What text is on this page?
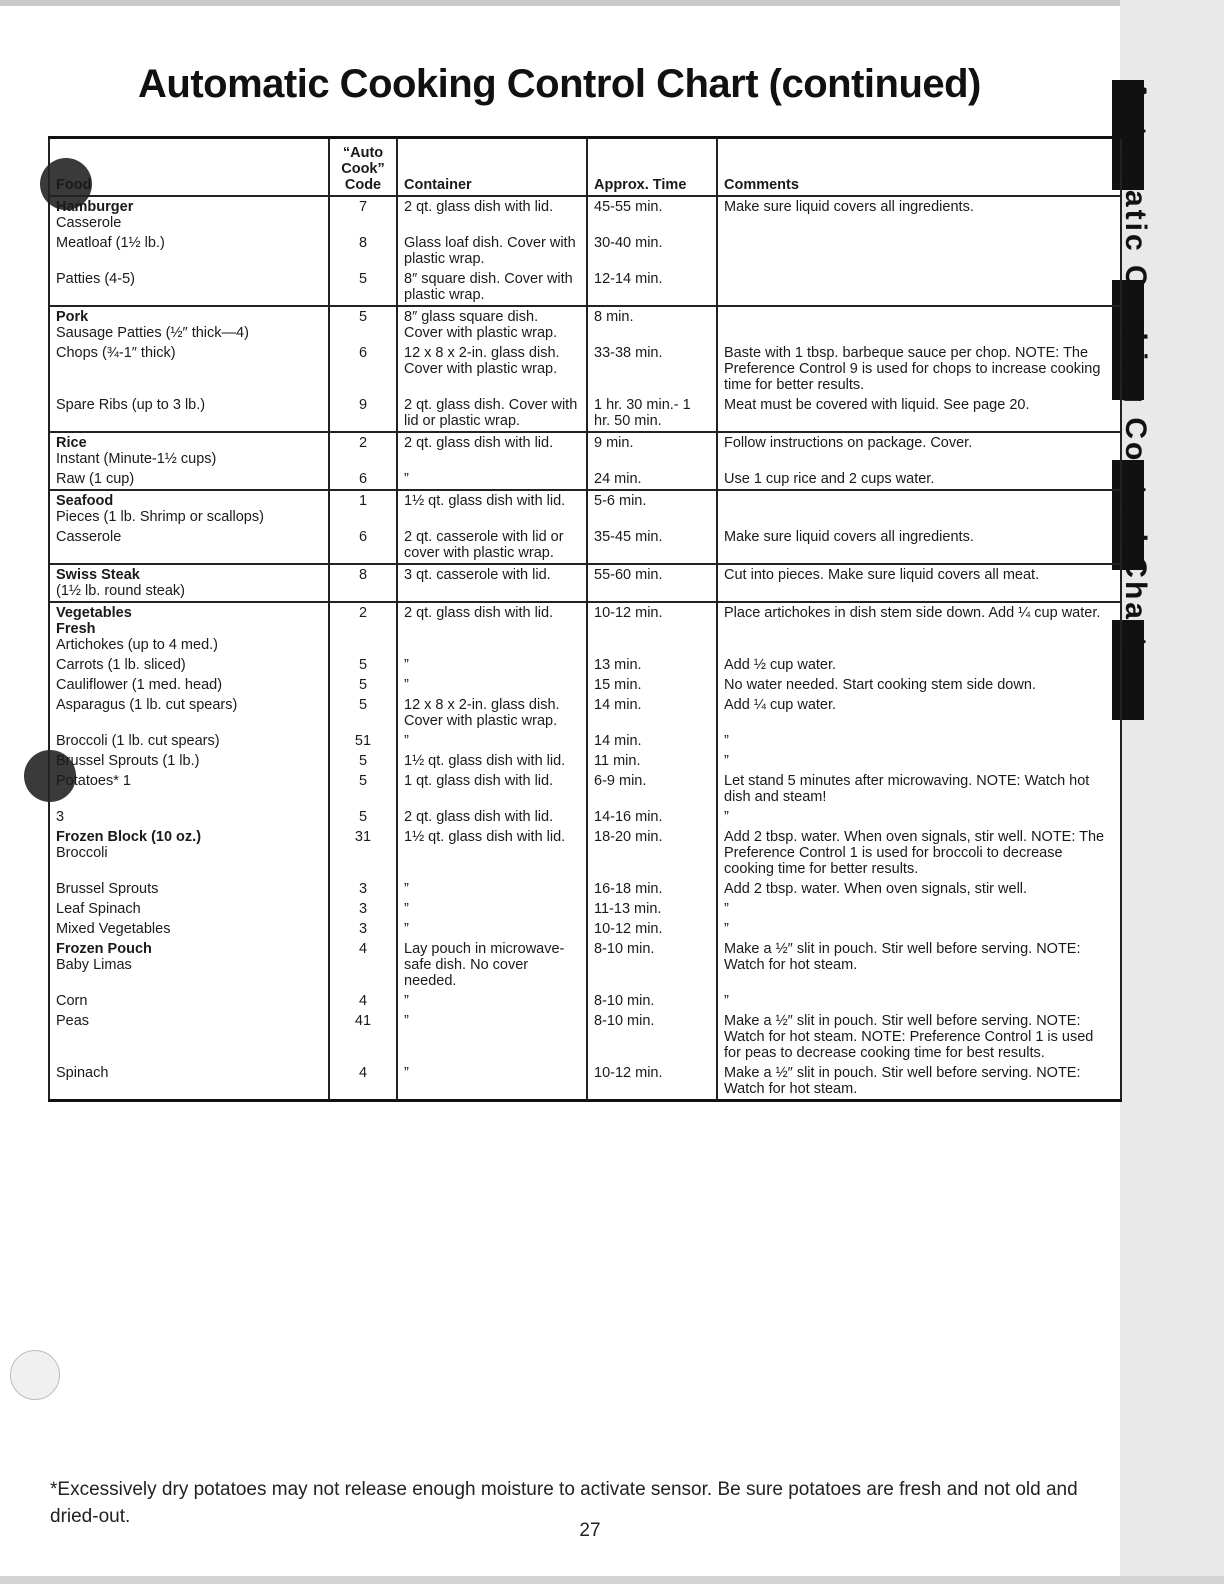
Automatic Cooking Control Chart
Automatic Cooking Control Chart (continued)
Food	“Auto Cook” Code	Container	Approx. Time	Comments

Hamburger
Casserole	7	2 qt. glass dish with lid.	45-55 min.	Make sure liquid covers all ingredients.
Meatloaf (1½ lb.)	8	Glass loaf dish. Cover with plastic wrap.	30-40 min.	
Patties (4-5)	5	8″ square dish. Cover with plastic wrap.	12-14 min.	

Pork
Sausage Patties (½″ thick—4)	5	8″ glass square dish. Cover with plastic wrap.	8 min.	
Chops (¾-1″ thick)	6	12 x 8 x 2-in. glass dish. Cover with plastic wrap.	33-38 min.	Baste with 1 tbsp. barbeque sauce per chop. NOTE: The Preference Control 9 is used for chops to increase cooking time for better results.
Spare Ribs (up to 3 lb.)	9	2 qt. glass dish. Cover with lid or plastic wrap.	1 hr. 30 min.- 1 hr. 50 min.	Meat must be covered with liquid. See page 20.

Rice
Instant (Minute-1½ cups)	2	2 qt. glass dish with lid.	9 min.	Follow instructions on package. Cover.
Raw (1 cup)	6	”	24 min.	Use 1 cup rice and 2 cups water.

Seafood
Pieces (1 lb. Shrimp or scallops)	1	1½ qt. glass dish with lid.	5-6 min.	
Casserole	6	2 qt. casserole with lid or cover with plastic wrap.	35-45 min.	Make sure liquid covers all ingredients.

Swiss Steak
(1½ lb. round steak)	8	3 qt. casserole with lid.	55-60 min.	Cut into pieces. Make sure liquid covers all meat.

Vegetables
Fresh
Artichokes (up to 4 med.)	2	2 qt. glass dish with lid.	10-12 min.	Place artichokes in dish stem side down. Add ¼ cup water.
Carrots (1 lb. sliced)	5	”	13 min.	Add ½ cup water.
Cauliflower (1 med. head)	5	”	15 min.	No water needed. Start cooking stem side down.
Asparagus (1 lb. cut spears)	5	12 x 8 x 2-in. glass dish. Cover with plastic wrap.	14 min.	Add ¼ cup water.
Broccoli (1 lb. cut spears)	51	”	14 min.	”
Brussel Sprouts (1 lb.)	5	1½ qt. glass dish with lid.	11 min.	”
Potatoes* 1	5	1 qt. glass dish with lid.	6-9 min.	Let stand 5 minutes after microwaving. NOTE: Watch hot dish and steam!
3	5	2 qt. glass dish with lid.	14-16 min.	”

Frozen Block (10 oz.)
Broccoli	31	1½ qt. glass dish with lid.	18-20 min.	Add 2 tbsp. water. When oven signals, stir well. NOTE: The Preference Control 1 is used for broccoli to decrease cooking time for better results.
Brussel Sprouts	3	”	16-18 min.	Add 2 tbsp. water. When oven signals, stir well.
Leaf Spinach	3	”	11-13 min.	”
Mixed Vegetables	3	”	10-12 min.	”

Frozen Pouch
Baby Limas	4	Lay pouch in microwave-safe dish. No cover needed.	8-10 min.	Make a ½″ slit in pouch. Stir well before serving. NOTE: Watch for hot steam.
Corn	4	”	8-10 min.	”
Peas	41	”	8-10 min.	Make a ½″ slit in pouch. Stir well before serving. NOTE: Watch for hot steam. NOTE: Preference Control 1 is used for peas to decrease cooking time for best results.
Spinach	4	”	10-12 min.	Make a ½″ slit in pouch. Stir well before serving. NOTE: Watch for hot steam.
*Excessively dry potatoes may not release enough moisture to activate sensor. Be sure potatoes are fresh and not old and dried-out.
27
